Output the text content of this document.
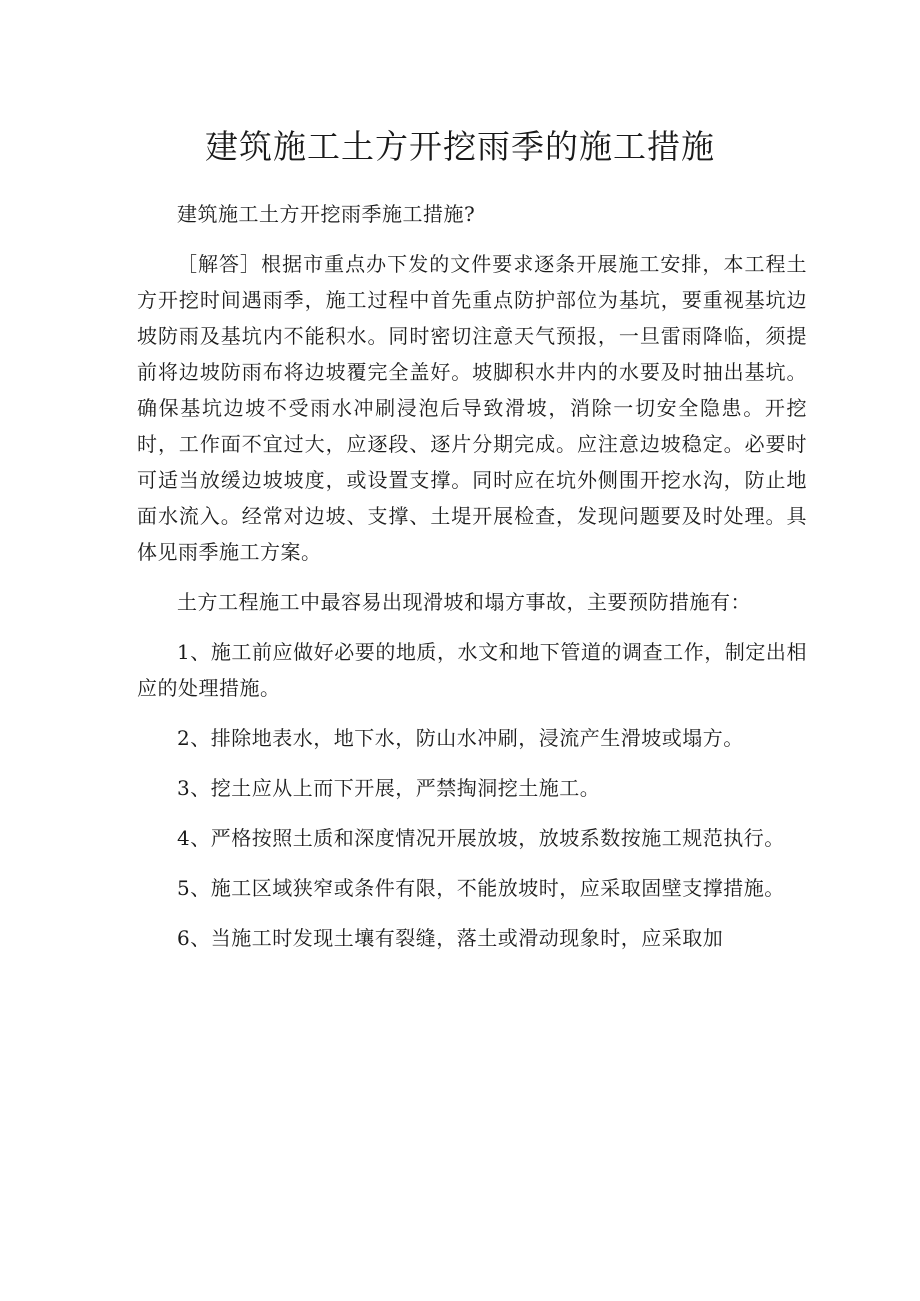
建筑施工土方开挖雨季的施工措施

建筑施工土方开挖雨季施工措施?

［解答］根据市重点办下发的文件要求逐条开展施工安排，本工程土方开挖时间遇雨季，施工过程中首先重点防护部位为基坑，要重视基坑边坡防雨及基坑内不能积水。同时密切注意天气预报，一旦雷雨降临，须提前将边坡防雨布将边坡覆完全盖好。坡脚积水井内的水要及时抽出基坑。确保基坑边坡不受雨水冲刷浸泡后导致滑坡，消除一切安全隐患。开挖时，工作面不宜过大，应逐段、逐片分期完成。应注意边坡稳定。必要时可适当放缓边坡坡度，或设置支撑。同时应在坑外侧围开挖水沟，防止地面水流入。经常对边坡、支撑、土堤开展检查，发现问题要及时处理。具体见雨季施工方案。

土方工程施工中最容易出现滑坡和塌方事故，主要预防措施有：

1、施工前应做好必要的地质，水文和地下管道的调查工作，制定出相应的处理措施。

2、排除地表水，地下水，防山水冲刷，浸流产生滑坡或塌方。

3、挖土应从上而下开展，严禁掏洞挖土施工。

4、严格按照土质和深度情况开展放坡，放坡系数按施工规范执行。

5、施工区域狭窄或条件有限，不能放坡时，应采取固壁支撑措施。

6、当施工时发现土壤有裂缝，落土或滑动现象时，应采取加
